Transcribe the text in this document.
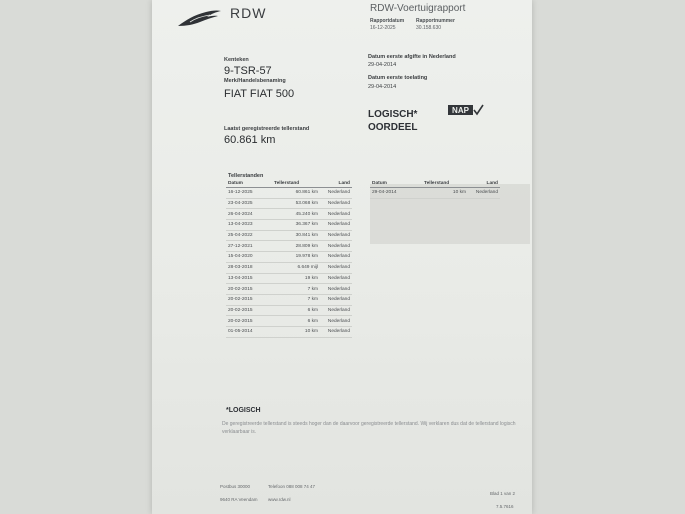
RDW	RDW-Voertuigrapport
Rapportdatum
16-12-2025
Rapportnummer
30.158.630
Kenteken
9-TSR-57
Merk/Handelsbenaming
FIAT FIAT 500
Laatst geregistreerde tellerstand
60.861 km
Datum eerste afgifte in Nederland
29-04-2014
Datum eerste toelating
29-04-2014
LOGISCH*
OORDEEL
NAP
Tellerstanden
Datum	Tellerstand	Land
16-12-2025	60.861 km	Nederland
23-04-2025	53.068 km	Nederland
26-04-2024	45.240 km	Nederland
13-04-2023	36.367 km	Nederland
25-04-2022	30.841 km	Nederland
27-12-2021	28.809 km	Nederland
15-04-2020	19.978 km	Nederland
28-03-2018	6.649 mijl	Nederland
13-04-2015	19 km	Nederland
20-02-2015	7 km	Nederland
20-02-2015	7 km	Nederland
20-02-2015	6 km	Nederland
20-02-2015	6 km	Nederland
01-05-2014	10 km	Nederland
Datum	Tellerstand	Land
29-04-2014	10 km	Nederland
*LOGISCH
De geregistreerde tellerstand is steeds hoger dan de daarvoor geregistreerde tellerstand. Wij verklaren dus dat de tellerstand logisch verklaarbaar is.
Postbus 30000
9640 RA Veendam
Telefoon 088 008 74 47
www.rdw.nl
Blad 1 van 2
7.5.7616
